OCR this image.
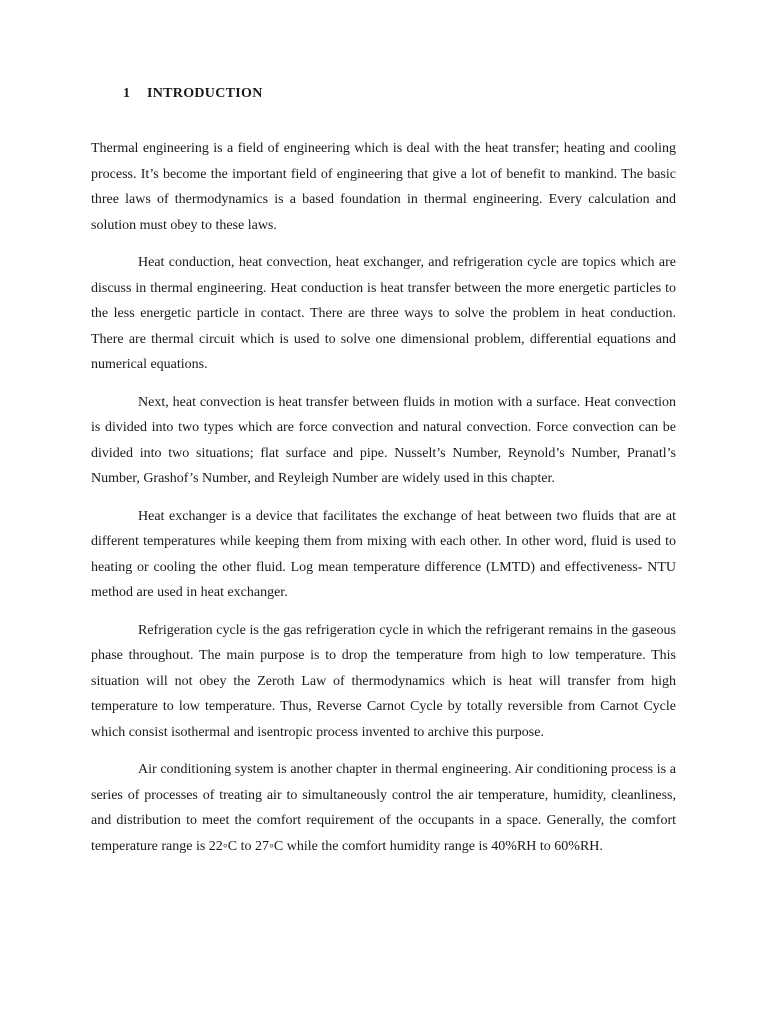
1 INTRODUCTION

Thermal engineering is a field of engineering which is deal with the heat transfer; heating and cooling process. It’s become the important field of engineering that give a lot of benefit to mankind. The basic three laws of thermodynamics is a based foundation in thermal engineering. Every calculation and solution must obey to these laws.

Heat conduction, heat convection, heat exchanger, and refrigeration cycle are topics which are discuss in thermal engineering. Heat conduction is heat transfer between the more energetic particles to the less energetic particle in contact. There are three ways to solve the problem in heat conduction. There are thermal circuit which is used to solve one dimensional problem, differential equations and numerical equations.

Next, heat convection is heat transfer between fluids in motion with a surface. Heat convection is divided into two types which are force convection and natural convection. Force convection can be divided into two situations; flat surface and pipe. Nusselt’s Number, Reynold’s Number, Pranatl’s Number, Grashof’s Number, and Reyleigh Number are widely used in this chapter.

Heat exchanger is a device that facilitates the exchange of heat between two fluids that are at different temperatures while keeping them from mixing with each other. In other word, fluid is used to heating or cooling the other fluid. Log mean temperature difference (LMTD) and effectiveness- NTU method are used in heat exchanger.

Refrigeration cycle is the gas refrigeration cycle in which the refrigerant remains in the gaseous phase throughout. The main purpose is to drop the temperature from high to low temperature. This situation will not obey the Zeroth Law of thermodynamics which is heat will transfer from high temperature to low temperature. Thus, Reverse Carnot Cycle by totally reversible from Carnot Cycle which consist isothermal and isentropic process invented to archive this purpose.

Air conditioning system is another chapter in thermal engineering. Air conditioning process is a series of processes of treating air to simultaneously control the air temperature, humidity, cleanliness, and distribution to meet the comfort requirement of the occupants in a space. Generally, the comfort temperature range is 22◦C to 27◦C while the comfort humidity range is 40%RH to 60%RH.
